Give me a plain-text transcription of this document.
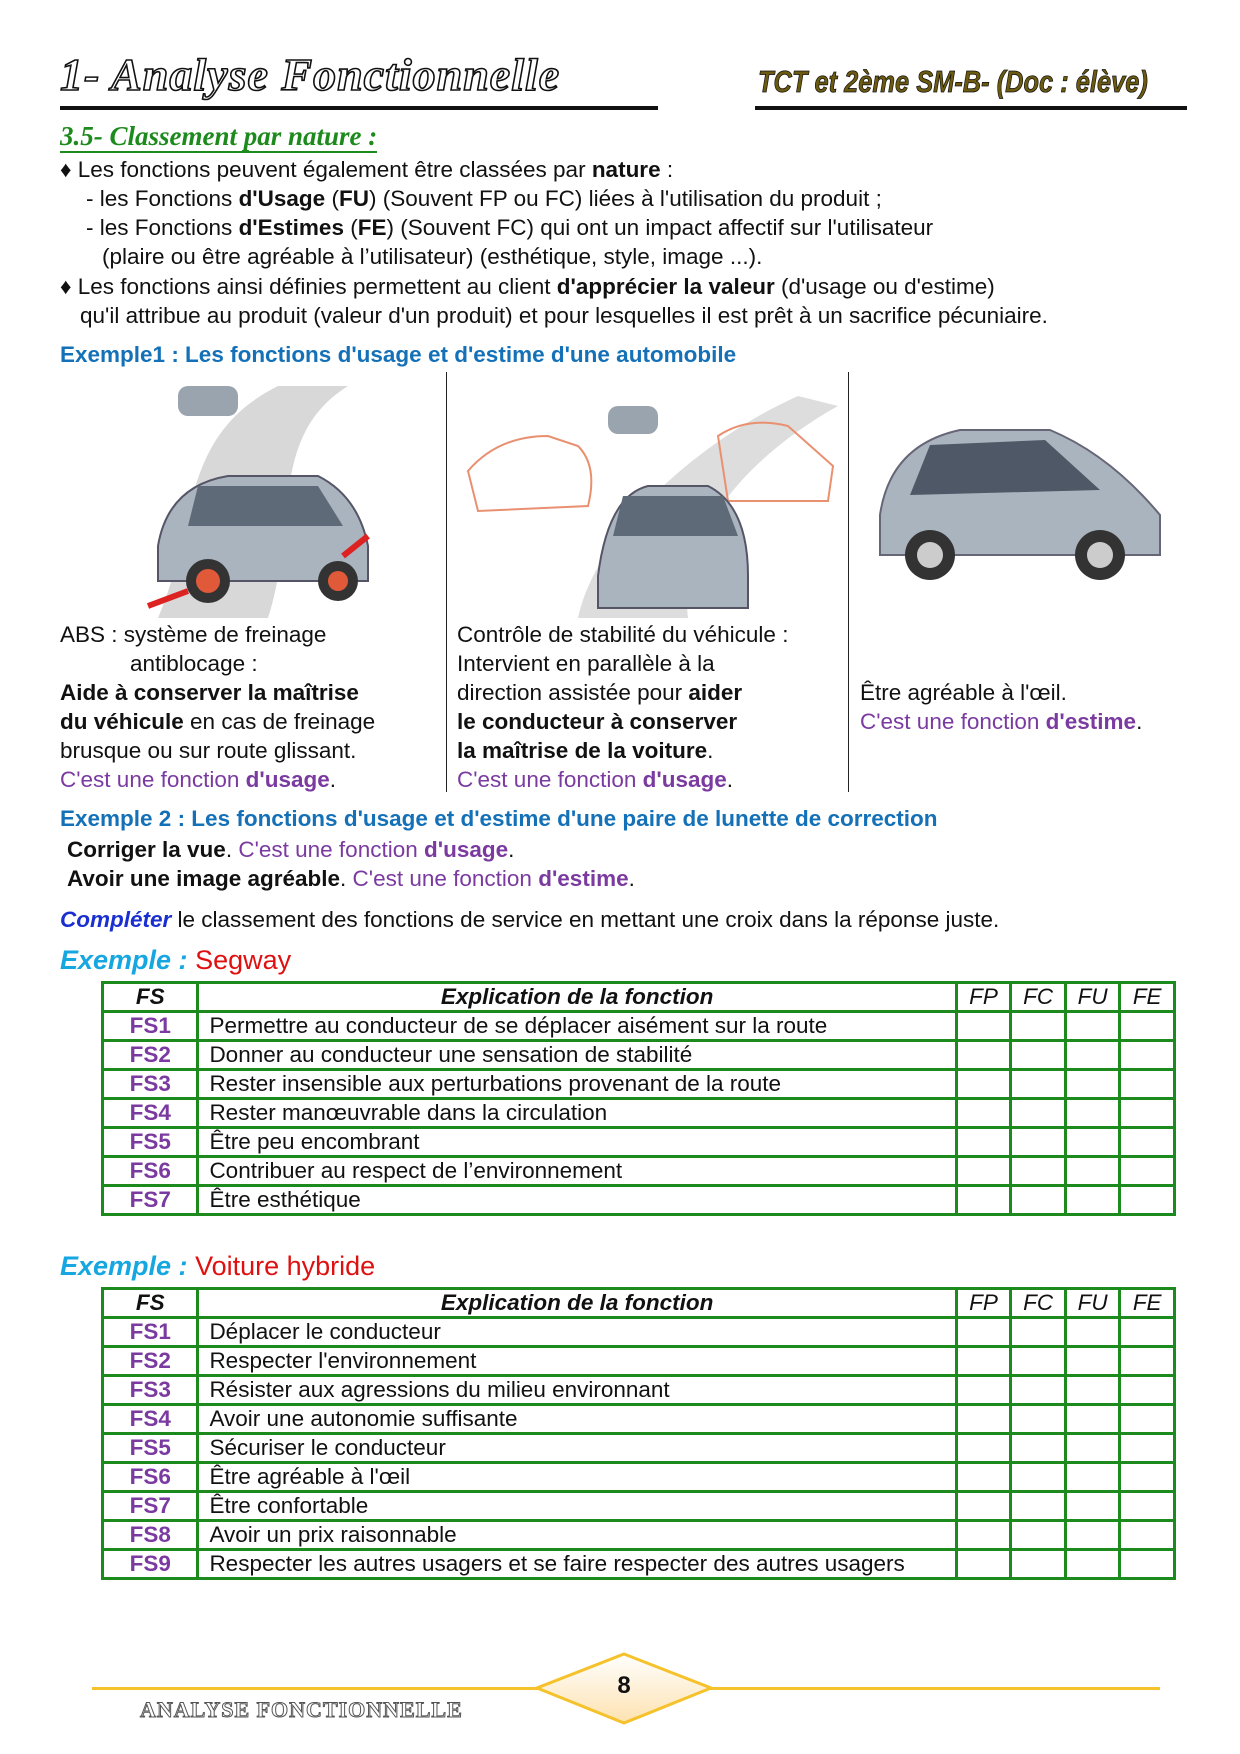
1- Analyse Fonctionnelle	TCT et 2ème SM-B- (Doc : élève)
3.5- Classement par nature :
♦ Les fonctions peuvent également être classées par nature :
- les Fonctions d'Usage (FU) (Souvent FP ou FC) liées à l'utilisation du produit ;
- les Fonctions d'Estimes (FE) (Souvent FC) qui ont un impact affectif sur l'utilisateur
(plaire ou être agréable à l’utilisateur) (esthétique, style, image ...).
♦ Les fonctions ainsi définies permettent au client d'apprécier la valeur (d'usage ou d'estime)
qu'il attribue au produit (valeur d'un produit) et pour lesquelles il est prêt à un sacrifice pécuniaire.
Exemple1 : Les fonctions d'usage et d'estime d'une automobile
ABS : système de freinage
antiblocage :
Aide à conserver la maîtrise
du véhicule en cas de freinage
brusque ou sur route glissant.
C'est une fonction d'usage.
Contrôle de stabilité du véhicule :
Intervient en parallèle à la
direction assistée pour aider
le conducteur à conserver
la maîtrise de la voiture.
C'est une fonction d'usage.
Être agréable à l'œil.
C'est une fonction d'estime.
Exemple 2 : Les fonctions d'usage et d'estime d'une paire de lunette de correction
Corriger la vue. C'est une fonction d'usage.
Avoir une image agréable. C'est une fonction d'estime.
Compléter le classement des fonctions de service en mettant une croix dans la réponse juste.
Exemple : Segway
FS	Explication de la fonction	FP	FC	FU	FE
FS1	Permettre au conducteur de se déplacer aisément sur la route				
FS2	Donner au conducteur une sensation de stabilité				
FS3	Rester insensible aux perturbations provenant de la route				
FS4	Rester manœuvrable dans la circulation				
FS5	Être peu encombrant				
FS6	Contribuer au respect de l’environnement				
FS7	Être esthétique				
Exemple : Voiture hybride
FS	Explication de la fonction	FP	FC	FU	FE
FS1	Déplacer le conducteur				
FS2	Respecter l'environnement				
FS3	Résister aux agressions du milieu environnant				
FS4	Avoir une autonomie suffisante				
FS5	Sécuriser le conducteur				
FS6	Être agréable à l'œil				
FS7	Être confortable				
FS8	Avoir un prix raisonnable				
FS9	Respecter les autres usagers et se faire respecter des autres usagers				
8
ANALYSE FONCTIONNELLE
